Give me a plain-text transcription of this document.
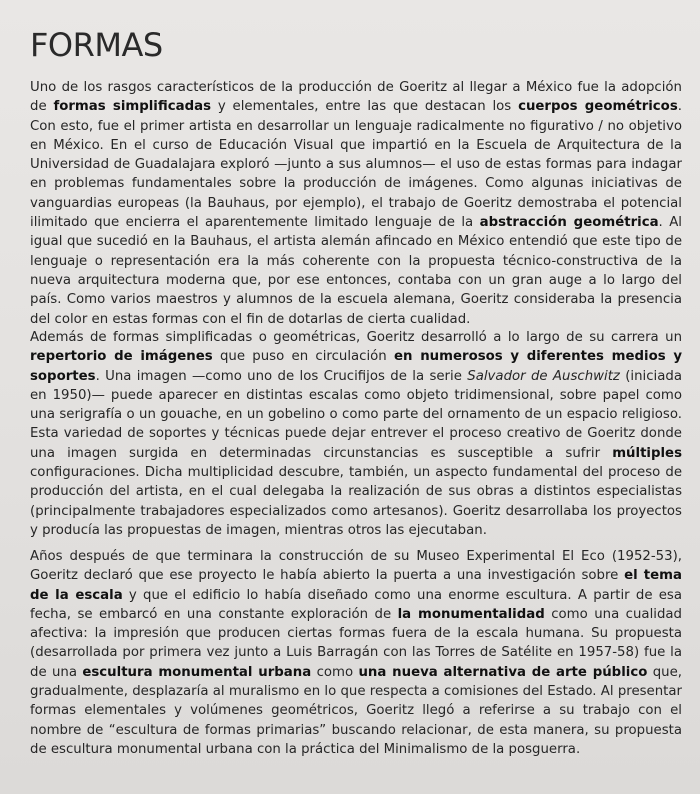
FORMAS

Uno de los rasgos característicos de la producción de Goeritz al llegar a México fue la adopción de formas simplificadas y elementales, entre las que destacan los cuerpos geométricos. Con esto, fue el primer artista en desarrollar un lenguaje radicalmente no figurativo / no objetivo en México. En el curso de Educación Visual que impartió en la Escuela de Arquitectura de la Universidad de Guadalajara exploró —junto a sus alumnos— el uso de estas formas para indagar en problemas fundamentales sobre la producción de imágenes. Como algunas iniciativas de vanguardias europeas (la Bauhaus, por ejemplo), el trabajo de Goeritz demostraba el potencial ilimitado que encierra el aparentemente limitado lenguaje de la abstracción geométrica. Al igual que sucedió en la Bauhaus, el artista alemán afincado en México entendió que este tipo de lenguaje o representación era la más coherente con la propuesta técnico-constructiva de la nueva arquitectura moderna que, por ese entonces, contaba con un gran auge a lo largo del país. Como varios maestros y alumnos de la escuela alemana, Goeritz consideraba la presencia del color en estas formas con el fin de dotarlas de cierta cualidad.

Además de formas simplificadas o geométricas, Goeritz desarrolló a lo largo de su carrera un repertorio de imágenes que puso en circulación en numerosos y diferentes medios y soportes. Una imagen —como uno de los Crucifijos de la serie Salvador de Auschwitz (iniciada en 1950)— puede aparecer en distintas escalas como objeto tridimensional, sobre papel como una serigrafía o un gouache, en un gobelino o como parte del ornamento de un espacio religioso. Esta variedad de soportes y técnicas puede dejar entrever el proceso creativo de Goeritz donde una imagen surgida en determinadas circunstancias es susceptible a sufrir múltiples configuraciones. Dicha multiplicidad descubre, también, un aspecto fundamental del proceso de producción del artista, en el cual delegaba la realización de sus obras a distintos especialistas (principalmente trabajadores especializados como artesanos). Goeritz desarrollaba los proyectos y producía las propuestas de imagen, mientras otros las ejecutaban.

Años después de que terminara la construcción de su Museo Experimental El Eco (1952-53), Goeritz declaró que ese proyecto le había abierto la puerta a una investigación sobre el tema de la escala y que el edificio lo había diseñado como una enorme escultura. A partir de esa fecha, se embarcó en una constante exploración de la monumentalidad como una cualidad afectiva: la impresión que producen ciertas formas fuera de la escala humana. Su propuesta (desarrollada por primera vez junto a Luis Barragán con las Torres de Satélite en 1957-58) fue la de una escultura monumental urbana como una nueva alternativa de arte público que, gradualmente, desplazaría al muralismo en lo que respecta a comisiones del Estado. Al presentar formas elementales y volúmenes geométricos, Goeritz llegó a referirse a su trabajo con el nombre de “escultura de formas primarias” buscando relacionar, de esta manera, su propuesta de escultura monumental urbana con la práctica del Minimalismo de la posguerra.
